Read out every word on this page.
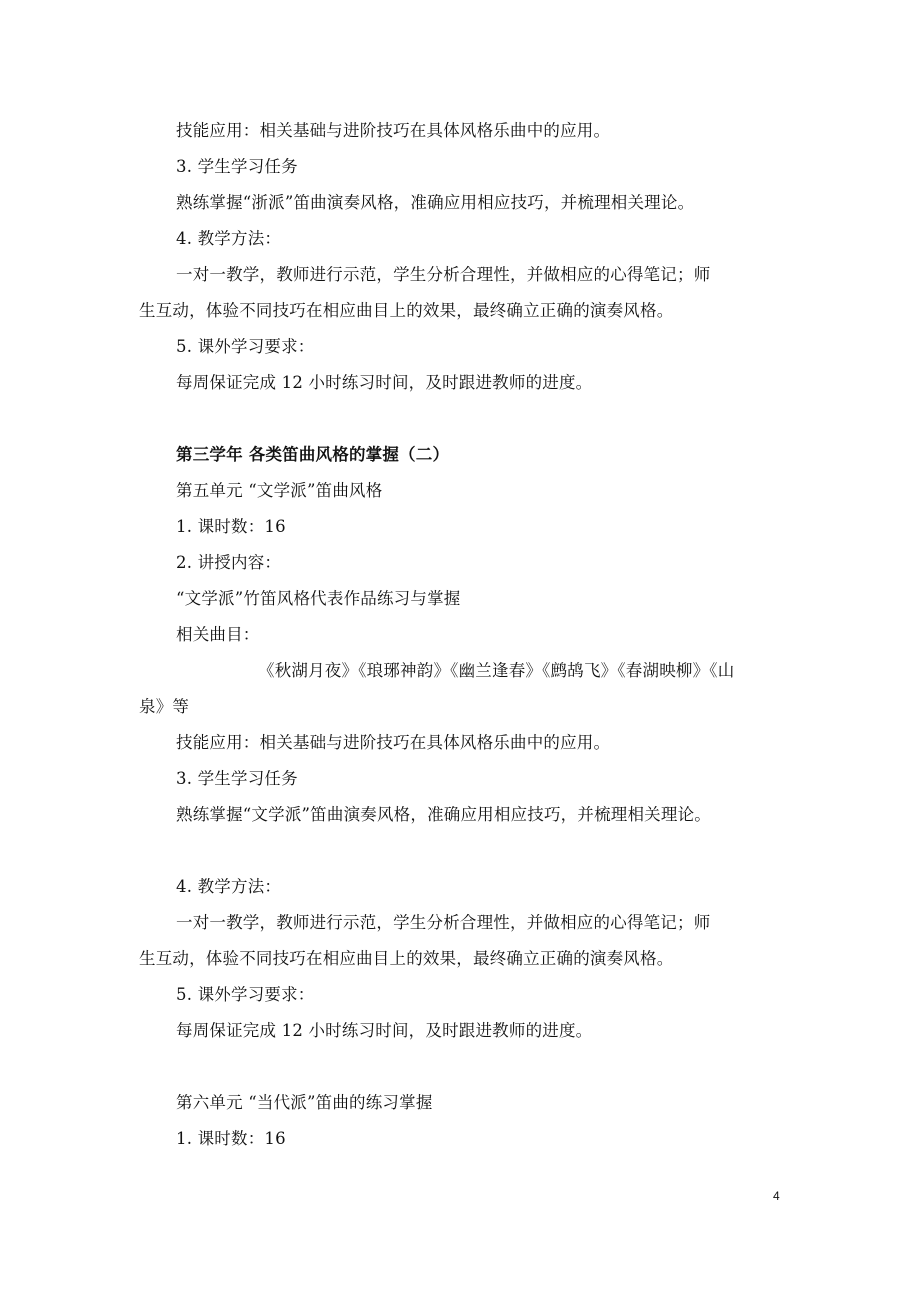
技能应用：相关基础与进阶技巧在具体风格乐曲中的应用。
3. 学生学习任务
熟练掌握“浙派”笛曲演奏风格，准确应用相应技巧，并梳理相关理论。
4. 教学方法：
一对一教学，教师进行示范，学生分析合理性，并做相应的心得笔记；师
生互动，体验不同技巧在相应曲目上的效果，最终确立正确的演奏风格。
5. 课外学习要求：
每周保证完成 12 小时练习时间，及时跟进教师的进度。
第三学年 各类笛曲风格的掌握（二）
第五单元 “文学派”笛曲风格
1. 课时数：16
2. 讲授内容：
“文学派”竹笛风格代表作品练习与掌握
相关曲目：
《秋湖月夜》《琅琊神韵》《幽兰逢春》《鹧鸪飞》《春湖映柳》《山
泉》等
技能应用：相关基础与进阶技巧在具体风格乐曲中的应用。
3. 学生学习任务
熟练掌握“文学派”笛曲演奏风格，准确应用相应技巧，并梳理相关理论。
4. 教学方法：
一对一教学，教师进行示范，学生分析合理性，并做相应的心得笔记；师
生互动，体验不同技巧在相应曲目上的效果，最终确立正确的演奏风格。
5. 课外学习要求：
每周保证完成 12 小时练习时间，及时跟进教师的进度。
第六单元 “当代派”笛曲的练习掌握
1. 课时数：16
4
